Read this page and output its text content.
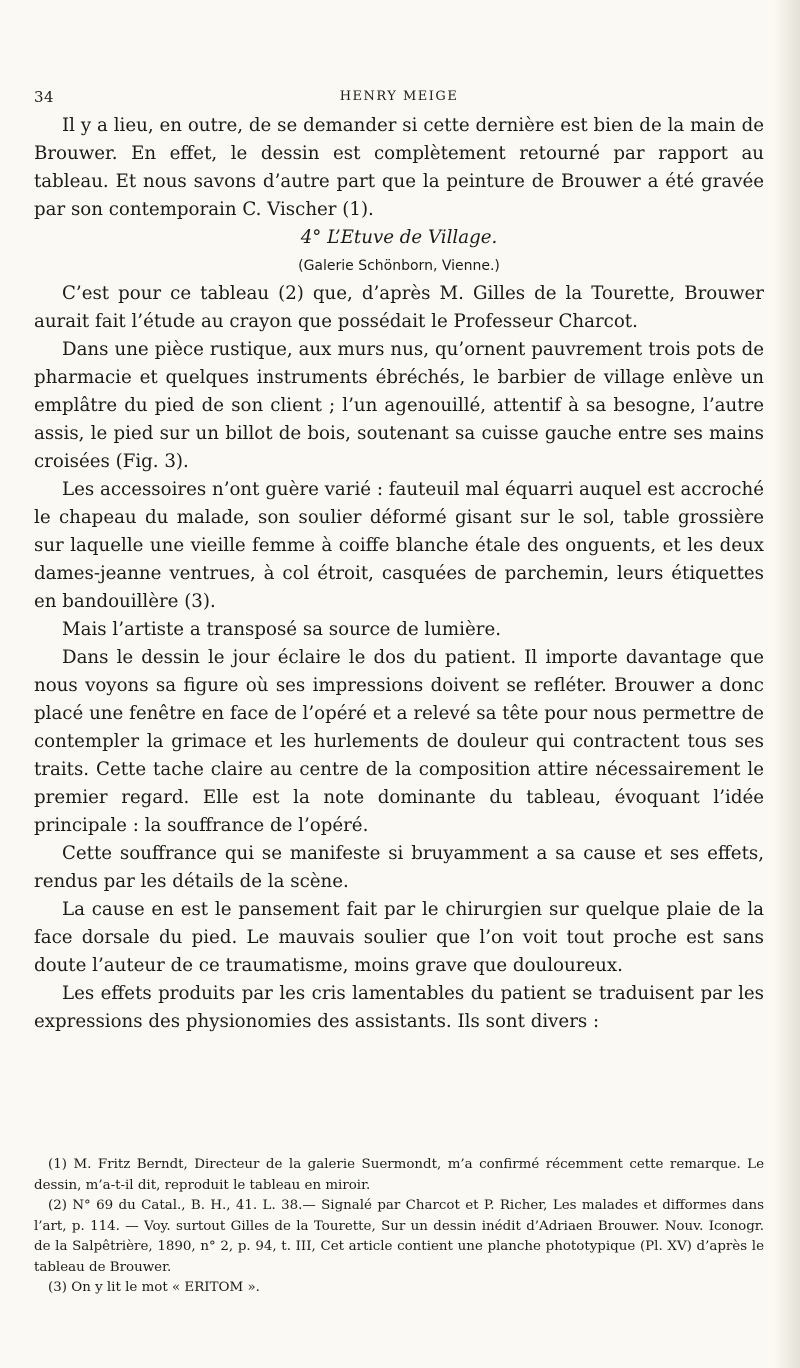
34	HENRY MEIGE

Il y a lieu, en outre, de se demander si cette dernière est bien de la main de Brouwer. En effet, le dessin est complètement retourné par rapport au tableau. Et nous savons d’autre part que la peinture de Brouwer a été gravée par son contemporain C. Vischer (1).

4° L’Etuve de Village.

(Galerie Schönborn, Vienne.)

C’est pour ce tableau (2) que, d’après M. Gilles de la Tourette, Brouwer aurait fait l’étude au crayon que possédait le Professeur Charcot.

Dans une pièce rustique, aux murs nus, qu’ornent pauvrement trois pots de pharmacie et quelques instruments ébréchés, le barbier de village enlève un emplâtre du pied de son client ; l’un agenouillé, attentif à sa besogne, l’autre assis, le pied sur un billot de bois, soutenant sa cuisse gauche entre ses mains croisées (Fig. 3).

Les accessoires n’ont guère varié : fauteuil mal équarri auquel est accroché le chapeau du malade, son soulier déformé gisant sur le sol, table grossière sur laquelle une vieille femme à coiffe blanche étale des onguents, et les deux dames-jeanne ventrues, à col étroit, casquées de parchemin, leurs étiquettes en bandouillère (3).

Mais l’artiste a transposé sa source de lumière.

Dans le dessin le jour éclaire le dos du patient. Il importe davantage que nous voyons sa figure où ses impressions doivent se refléter. Brouwer a donc placé une fenêtre en face de l’opéré et a relevé sa tête pour nous permettre de contempler la grimace et les hurlements de douleur qui contractent tous ses traits. Cette tache claire au centre de la composition attire nécessairement le premier regard. Elle est la note dominante du tableau, évoquant l’idée principale : la souffrance de l’opéré.

Cette souffrance qui se manifeste si bruyamment a sa cause et ses effets, rendus par les détails de la scène.

La cause en est le pansement fait par le chirurgien sur quelque plaie de la face dorsale du pied. Le mauvais soulier que l’on voit tout proche est sans doute l’auteur de ce traumatisme, moins grave que douloureux.

Les effets produits par les cris lamentables du patient se traduisent par les expressions des physionomies des assistants. Ils sont divers :

(1) M. Fritz Berndt, Directeur de la galerie Suermondt, m’a confirmé récemment cette remarque. Le dessin, m’a-t-il dit, reproduit le tableau en miroir.

(2) N° 69 du Catal., B. H., 41. L. 38.— Signalé par Charcot et P. Richer, Les malades et difformes dans l’art, p. 114. — Voy. surtout Gilles de la Tourette, Sur un dessin inédit d’Adriaen Brouwer. Nouv. Iconogr. de la Salpêtrière, 1890, n° 2, p. 94, t. III, Cet article contient une planche phototypique (Pl. XV) d’après le tableau de Brouwer.

(3) On y lit le mot « ERITOM ».
